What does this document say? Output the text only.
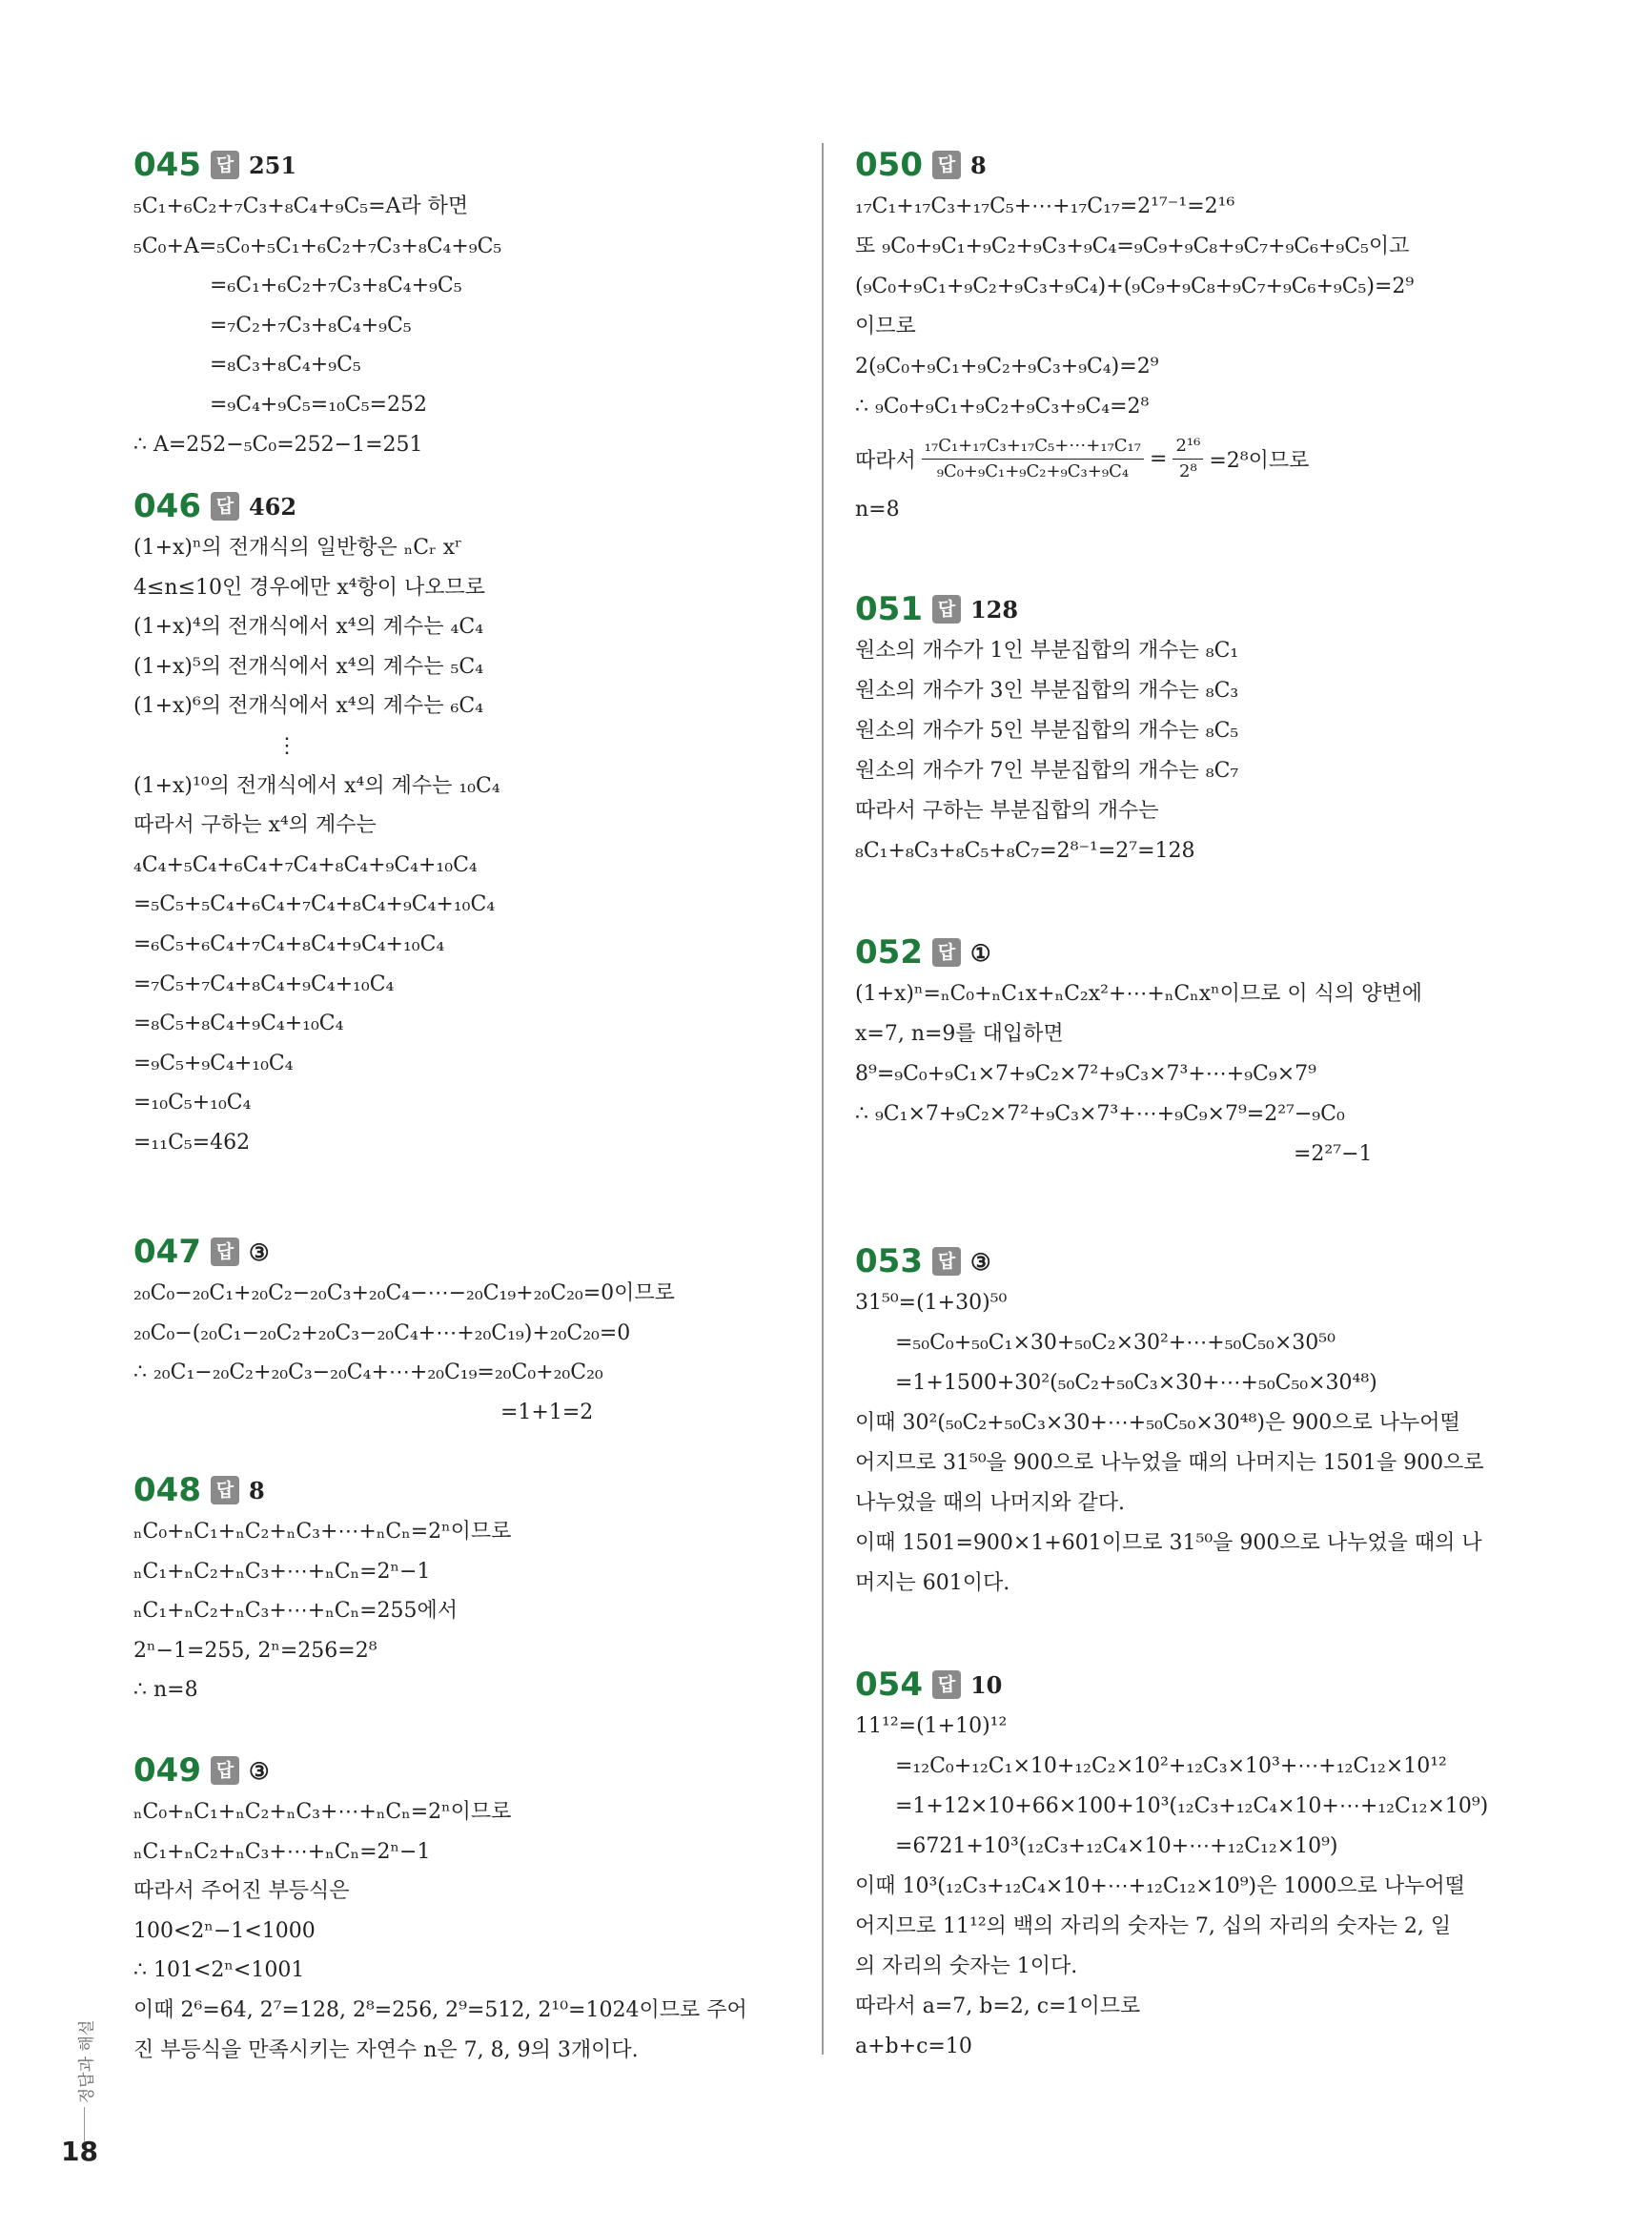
045 답 251
₅C₁+₆C₂+₇C₃+₈C₄+₉C₅=A라 하면
₅C₀+A=₅C₀+₅C₁+₆C₂+₇C₃+₈C₄+₉C₅
=₆C₁+₆C₂+₇C₃+₈C₄+₉C₅
=₇C₂+₇C₃+₈C₄+₉C₅
=₈C₃+₈C₄+₉C₅
=₉C₄+₉C₅=₁₀C₅=252
∴ A=252−₅C₀=252−1=251
046 답 462
(1+x)ⁿ의 전개식의 일반항은 ₙCᵣ xʳ
4≤n≤10인 경우에만 x⁴항이 나오므로
(1+x)⁴의 전개식에서 x⁴의 계수는 ₄C₄
(1+x)⁵의 전개식에서 x⁴의 계수는 ₅C₄
(1+x)⁶의 전개식에서 x⁴의 계수는 ₆C₄
⋮
(1+x)¹⁰의 전개식에서 x⁴의 계수는 ₁₀C₄
따라서 구하는 x⁴의 계수는
₄C₄+₅C₄+₆C₄+₇C₄+₈C₄+₉C₄+₁₀C₄
=₅C₅+₅C₄+₆C₄+₇C₄+₈C₄+₉C₄+₁₀C₄
=₆C₅+₆C₄+₇C₄+₈C₄+₉C₄+₁₀C₄
=₇C₅+₇C₄+₈C₄+₉C₄+₁₀C₄
=₈C₅+₈C₄+₉C₄+₁₀C₄
=₉C₅+₉C₄+₁₀C₄
=₁₀C₅+₁₀C₄
=₁₁C₅=462
047 답 ③
₂₀C₀−₂₀C₁+₂₀C₂−₂₀C₃+₂₀C₄−⋯−₂₀C₁₉+₂₀C₂₀=0이므로
₂₀C₀−(₂₀C₁−₂₀C₂+₂₀C₃−₂₀C₄+⋯+₂₀C₁₉)+₂₀C₂₀=0
∴ ₂₀C₁−₂₀C₂+₂₀C₃−₂₀C₄+⋯+₂₀C₁₉=₂₀C₀+₂₀C₂₀
=1+1=2
048 답 8
ₙC₀+ₙC₁+ₙC₂+ₙC₃+⋯+ₙCₙ=2ⁿ이므로
ₙC₁+ₙC₂+ₙC₃+⋯+ₙCₙ=2ⁿ−1
ₙC₁+ₙC₂+ₙC₃+⋯+ₙCₙ=255에서
2ⁿ−1=255, 2ⁿ=256=2⁸
∴ n=8
049 답 ③
ₙC₀+ₙC₁+ₙC₂+ₙC₃+⋯+ₙCₙ=2ⁿ이므로
ₙC₁+ₙC₂+ₙC₃+⋯+ₙCₙ=2ⁿ−1
따라서 주어진 부등식은
100<2ⁿ−1<1000
∴ 101<2ⁿ<1001
이때 2⁶=64, 2⁷=128, 2⁸=256, 2⁹=512, 2¹⁰=1024이므로 주어
진 부등식을 만족시키는 자연수 n은 7, 8, 9의 3개이다.
050 답 8
₁₇C₁+₁₇C₃+₁₇C₅+⋯+₁₇C₁₇=2¹⁷⁻¹=2¹⁶
또 ₉C₀+₉C₁+₉C₂+₉C₃+₉C₄=₉C₉+₉C₈+₉C₇+₉C₆+₉C₅이고
(₉C₀+₉C₁+₉C₂+₉C₃+₉C₄)+(₉C₉+₉C₈+₉C₇+₉C₆+₉C₅)=2⁹
이므로
2(₉C₀+₉C₁+₉C₂+₉C₃+₉C₄)=2⁹
∴ ₉C₀+₉C₁+₉C₂+₉C₃+₉C₄=2⁸
따라서 $\frac{\text{₁₇C₁+₁₇C₃+₁₇C₅+⋯+₁₇C₁₇}}{\text{₉C₀+₉C₁+₉C₂+₉C₃+₉C₄}} = \frac{\text{2¹⁶}}{\text{2⁸}} =2^8$이므로
n=8
051 답 128
원소의 개수가 1인 부분집합의 개수는 ₈C₁
원소의 개수가 3인 부분집합의 개수는 ₈C₃
원소의 개수가 5인 부분집합의 개수는 ₈C₅
원소의 개수가 7인 부분집합의 개수는 ₈C₇
따라서 구하는 부분집합의 개수는
₈C₁+₈C₃+₈C₅+₈C₇=2⁸⁻¹=2⁷=128
052 답 ①
(1+x)ⁿ=ₙC₀+ₙC₁x+ₙC₂x²+⋯+ₙCₙxⁿ이므로 이 식의 양변에
x=7, n=9를 대입하면
8⁹=₉C₀+₉C₁×7+₉C₂×7²+₉C₃×7³+⋯+₉C₉×7⁹
∴ ₉C₁×7+₉C₂×7²+₉C₃×7³+⋯+₉C₉×7⁹=2²⁷−₉C₀
=2²⁷−1
053 답 ③
31⁵⁰=(1+30)⁵⁰
=₅₀C₀+₅₀C₁×30+₅₀C₂×30²+⋯+₅₀C₅₀×30⁵⁰
=1+1500+30²(₅₀C₂+₅₀C₃×30+⋯+₅₀C₅₀×30⁴⁸)
이때 30²(₅₀C₂+₅₀C₃×30+⋯+₅₀C₅₀×30⁴⁸)은 900으로 나누어떨
어지므로 31⁵⁰을 900으로 나누었을 때의 나머지는 1501을 900으로
나누었을 때의 나머지와 같다.
이때 1501=900×1+601이므로 31⁵⁰을 900으로 나누었을 때의 나
머지는 601이다.
054 답 10
11¹²=(1+10)¹²
=₁₂C₀+₁₂C₁×10+₁₂C₂×10²+₁₂C₃×10³+⋯+₁₂C₁₂×10¹²
=1+12×10+66×100+10³(₁₂C₃+₁₂C₄×10+⋯+₁₂C₁₂×10⁹)
=6721+10³(₁₂C₃+₁₂C₄×10+⋯+₁₂C₁₂×10⁹)
이때 10³(₁₂C₃+₁₂C₄×10+⋯+₁₂C₁₂×10⁹)은 1000으로 나누어떨
어지므로 11¹²의 백의 자리의 숫자는 7, 십의 자리의 숫자는 2, 일
의 자리의 숫자는 1이다.
따라서 a=7, b=2, c=1이므로
a+b+c=10
정답과 해설
18
